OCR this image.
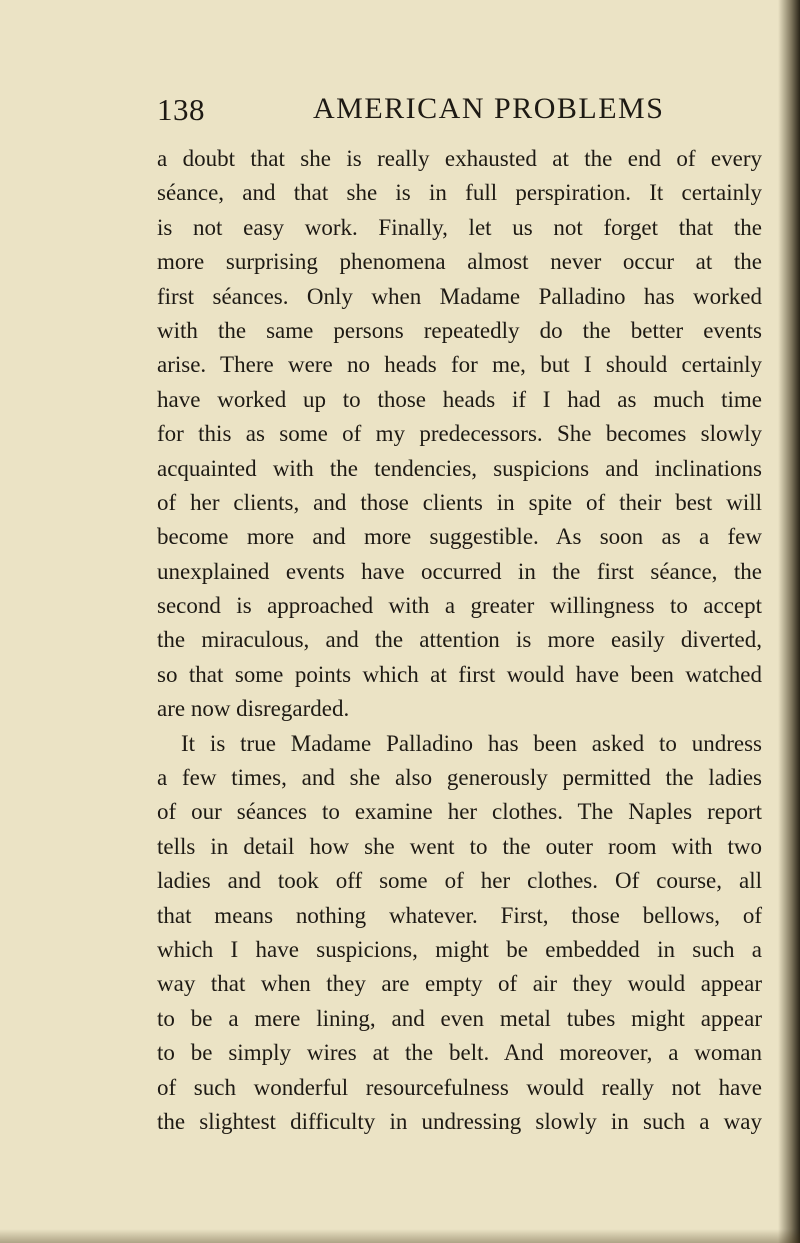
138	AMERICAN PROBLEMS
a doubt that she is really exhausted at the end of every
séance, and that she is in full perspiration. It certainly
is not easy work. Finally, let us not forget that the
more surprising phenomena almost never occur at the
first séances. Only when Madame Palladino has worked
with the same persons repeatedly do the better events
arise. There were no heads for me, but I should certainly
have worked up to those heads if I had as much time
for this as some of my predecessors. She becomes slowly
acquainted with the tendencies, suspicions and inclinations
of her clients, and those clients in spite of their best will
become more and more suggestible. As soon as a few
unexplained events have occurred in the first séance, the
second is approached with a greater willingness to accept
the miraculous, and the attention is more easily diverted,
so that some points which at first would have been watched
are now disregarded.
It is true Madame Palladino has been asked to undress
a few times, and she also generously permitted the ladies
of our séances to examine her clothes. The Naples report
tells in detail how she went to the outer room with two
ladies and took off some of her clothes. Of course, all
that means nothing whatever. First, those bellows, of
which I have suspicions, might be embedded in such a
way that when they are empty of air they would appear
to be a mere lining, and even metal tubes might appear
to be simply wires at the belt. And moreover, a woman
of such wonderful resourcefulness would really not have
the slightest difficulty in undressing slowly in such a way
